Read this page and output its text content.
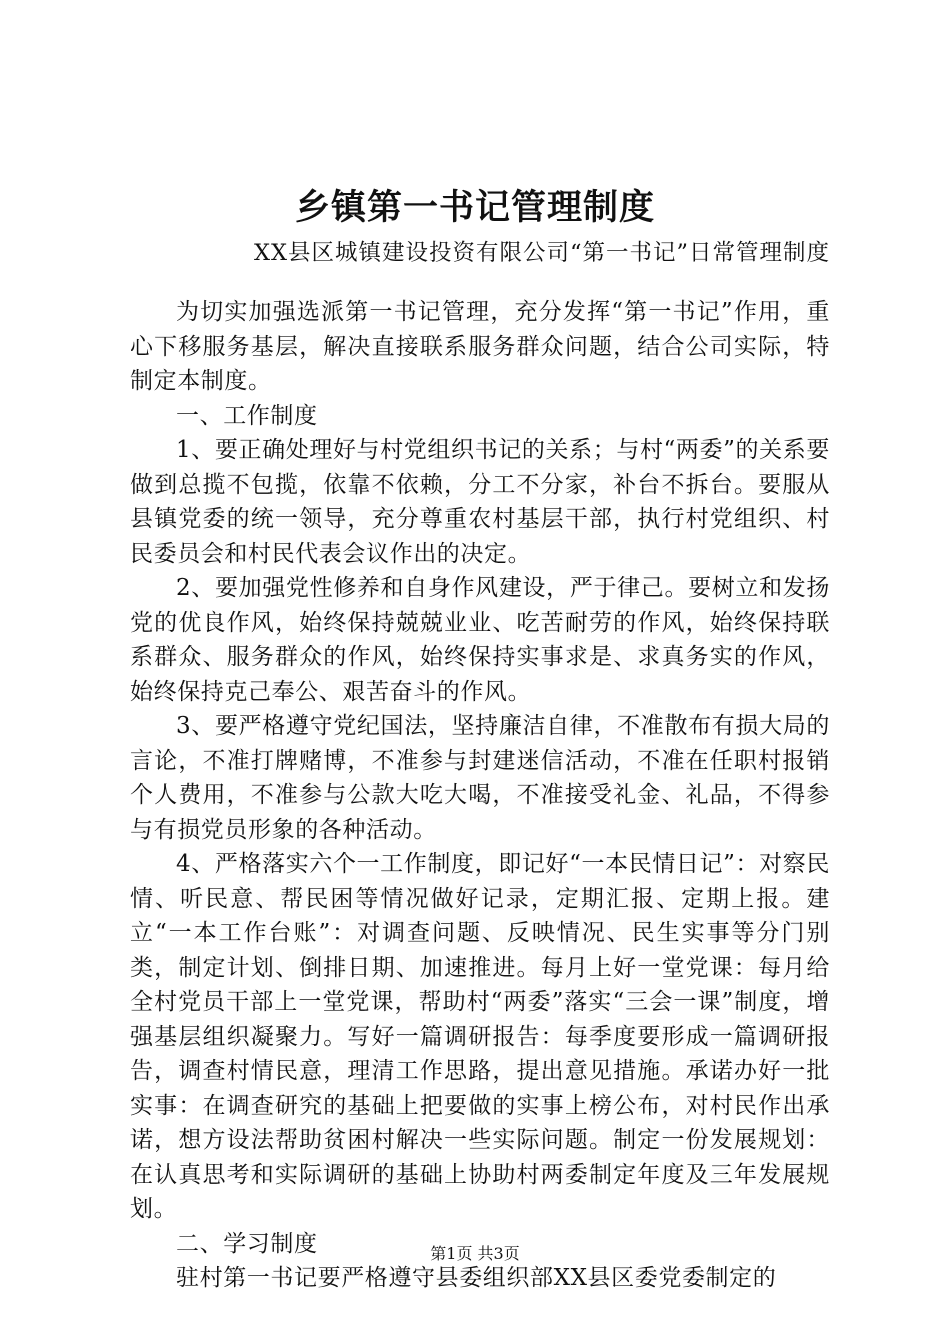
乡镇第一书记管理制度
XX县区城镇建设投资有限公司“第一书记”日常管理制度

为切实加强选派第一书记管理，充分发挥“第一书记”作用，重心下移服务基层，解决直接联系服务群众问题，结合公司实际，特制定本制度。

一、工作制度

1、要正确处理好与村党组织书记的关系；与村“两委”的关系要做到总揽不包揽，依靠不依赖，分工不分家，补台不拆台。要服从县镇党委的统一领导，充分尊重农村基层干部，执行村党组织、村民委员会和村民代表会议作出的决定。

2、要加强党性修养和自身作风建设，严于律己。要树立和发扬党的优良作风，始终保持兢兢业业、吃苦耐劳的作风，始终保持联系群众、服务群众的作风，始终保持实事求是、求真务实的作风，始终保持克己奉公、艰苦奋斗的作风。

3、要严格遵守党纪国法，坚持廉洁自律，不准散布有损大局的言论，不准打牌赌博，不准参与封建迷信活动，不准在任职村报销个人费用，不准参与公款大吃大喝，不准接受礼金、礼品，不得参与有损党员形象的各种活动。

4、严格落实六个一工作制度，即记好“一本民情日记”：对察民情、听民意、帮民困等情况做好记录，定期汇报、定期上报。建立“一本工作台账”：对调查问题、反映情况、民生实事等分门别类，制定计划、倒排日期、加速推进。每月上好一堂党课：每月给全村党员干部上一堂党课，帮助村“两委”落实“三会一课”制度，增强基层组织凝聚力。写好一篇调研报告：每季度要形成一篇调研报告，调查村情民意，理清工作思路，提出意见措施。承诺办好一批实事：在调查研究的基础上把要做的实事上榜公布，对村民作出承诺，想方设法帮助贫困村解决一些实际问题。制定一份发展规划：在认真思考和实际调研的基础上协助村两委制定年度及三年发展规划。

二、学习制度

驻村第一书记要严格遵守县委组织部XX县区委党委制定的

第1页 共3页
